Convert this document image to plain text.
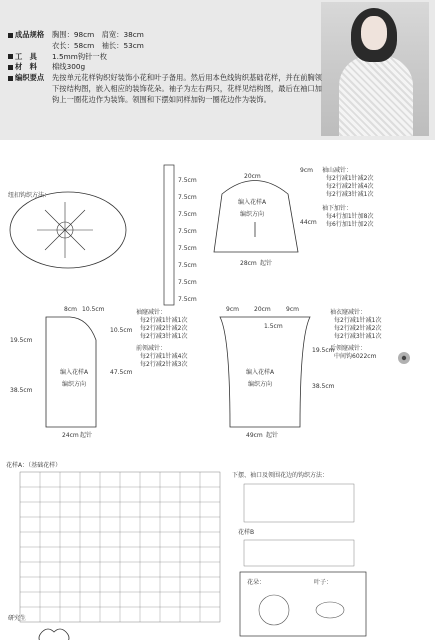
成品规格	胸围：98cm　肩宽：38cm
衣长：58cm　袖长：53cm
工　具	1.5mm钩针一枚
材　料	棉线300g
编织要点	先按单元花样钩织好装饰小花和叶子备用。然后用本色线钩织基础花样，并在前胸领下按结构图，嵌入相应的装饰花朵。袖子为左右两只，花样见结构图，最后在袖口加钩上一圈花边作为装饰。领围和下摆如同样加钩一圈花边作为装饰。
纽扣钩织方法：
20cm
编入花样A
编织方向
28cm 起针
9cm
44cm
7.5cm
7.5cm
7.5cm
7.5cm
7.5cm
7.5cm
7.5cm
7.5cm
袖山减针：
每2行减1针减2次
每2行减2针减4次
每2行减3针减1次
袖下加针：
每4行加1针加8次
每6行加1针加2次
8cm 10.5cm
10.5cm
19.5cm
47.5cm
38.5cm
编入花样A
编织方向
24cm 起针
袖窿减针：
每2行减1针减1次
每2行减2针减2次
每2行减3针减1次
前领减针：
每2行减1针减4次
每2行减2针减3次
9cm	20cm	9cm
1.5cm
19.5cm
38.5cm
编入花样A
编织方向
49cm 起针
袖衣窿减针：
每2行减1针减1次
每2行减2针减2次
每2行减3针减1次
后领窿减针：
中间钩6022cm
花样A：（基础花样）
下摆、袖口及领围花边的钩织方法：
花样B
花朵：	叶子：
研究生
